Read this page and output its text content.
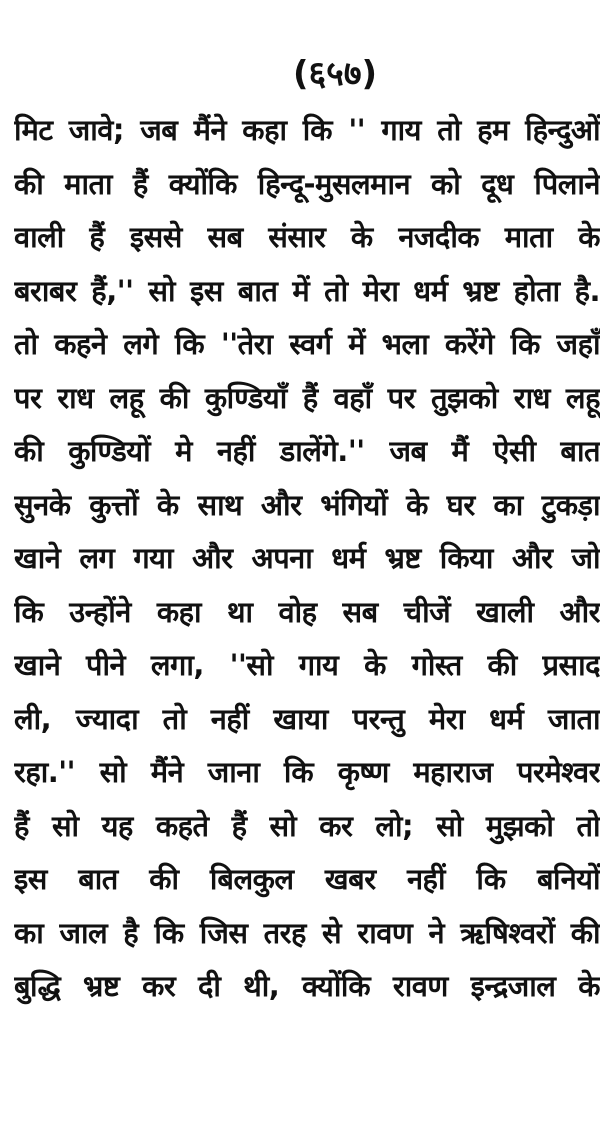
(६५७)
मिट जावे; जब मैंने कहा कि '' गाय तो हम हिन्दुओं
की माता हैं क्योंकि हिन्दू-मुसलमान को दूध पिलाने
वाली हैं इससे सब संसार के नजदीक माता के
बराबर हैं,'' सो इस बात में तो मेरा धर्म भ्रष्ट होता है.
तो कहने लगे कि ''तेरा स्वर्ग में भला करेंगे कि जहाँ
पर राध लहू की कुण्डियाँ हैं वहाँ पर तुझको राध लहू
की कुण्डियों मे नहीं डालेंगे.'' जब मैं ऐसी बात
सुनके कुत्तों के साथ और भंगियों के घर का टुकड़ा
खाने लग गया और अपना धर्म भ्रष्ट किया और जो
कि उन्होंने कहा था वोह सब चीजें खाली और
खाने पीने लगा, ''सो गाय के गोस्त की प्रसाद
ली, ज्यादा तो नहीं खाया परन्तु मेरा धर्म जाता
रहा.'' सो मैंने जाना कि कृष्ण महाराज परमेश्वर
हैं सो यह कहते हैं सो कर लो; सो मुझको तो
इस बात की बिलकुल खबर नहीं कि बनियों
का जाल है कि जिस तरह से रावण ने ऋषिश्वरों की
बुद्धि भ्रष्ट कर दी थी, क्योंकि रावण इन्द्रजाल के
